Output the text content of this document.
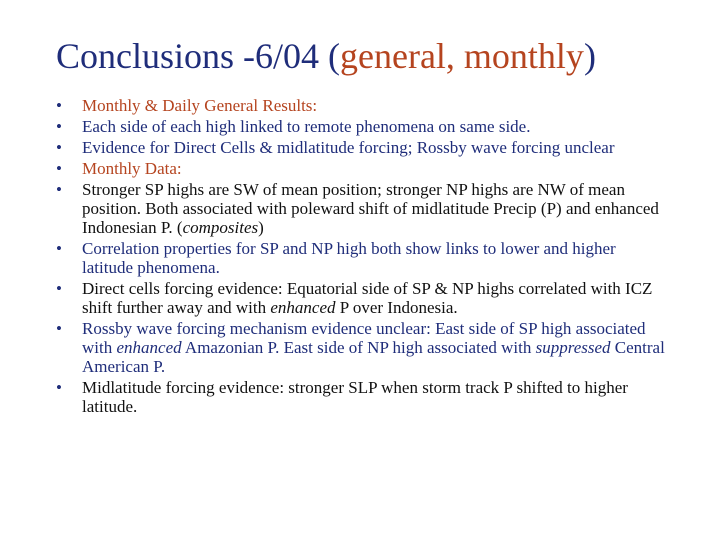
Conclusions -6/04 (general, monthly)
• Monthly & Daily General Results:
• Each side of each high linked to remote phenomena on same side.
• Evidence for Direct Cells & midlatitude forcing; Rossby wave forcing unclear
• Monthly Data:
• Stronger SP highs are SW of mean position; stronger NP highs are NW of mean position. Both associated with poleward shift of midlatitude Precip (P) and enhanced Indonesian P. (composites)
• Correlation properties for SP and NP high both show links to lower and higher latitude phenomena.
• Direct cells forcing evidence: Equatorial side of SP & NP highs correlated with ICZ shift further away and with enhanced P over Indonesia.
• Rossby wave forcing mechanism evidence unclear: East side of SP high associated with enhanced Amazonian P. East side of NP high associated with suppressed Central American P.
• Midlatitude forcing evidence: stronger SLP when storm track P shifted to higher latitude.
